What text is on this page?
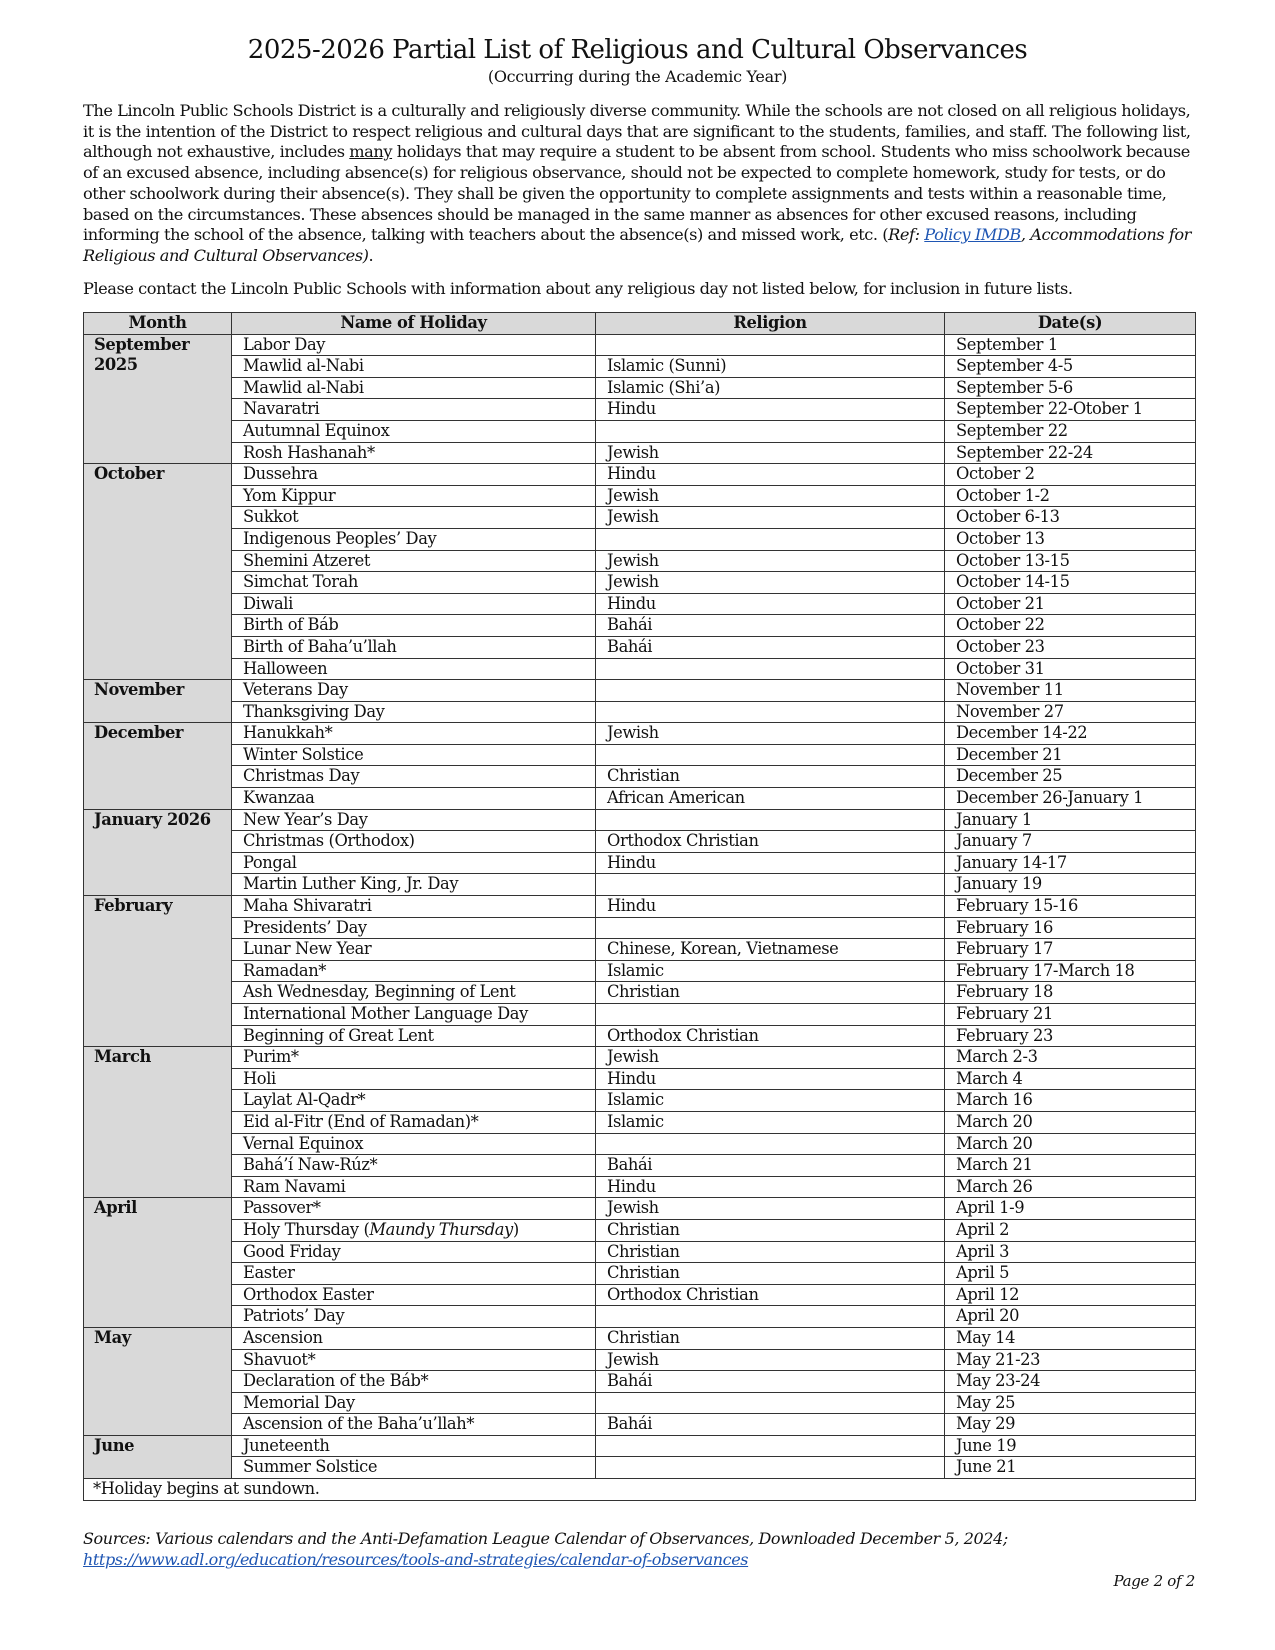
2025-2026 Partial List of Religious and Cultural Observances
(Occurring during the Academic Year)

The Lincoln Public Schools District is a culturally and religiously diverse community. While the schools are not closed on all religious holidays, it is the intention of the District to respect religious and cultural days that are significant to the students, families, and staff. The following list, although not exhaustive, includes many holidays that may require a student to be absent from school. Students who miss schoolwork because of an excused absence, including absence(s) for religious observance, should not be expected to complete homework, study for tests, or do other schoolwork during their absence(s). They shall be given the opportunity to complete assignments and tests within a reasonable time, based on the circumstances. These absences should be managed in the same manner as absences for other excused reasons, including informing the school of the absence, talking with teachers about the absence(s) and missed work, etc. (Ref: Policy IMDB, Accommodations for Religious and Cultural Observances).

Please contact the Lincoln Public Schools with information about any religious day not listed below, for inclusion in future lists.

Month	Name of Holiday	Religion	Date(s)
September 2025	Labor Day		September 1
	Mawlid al-Nabi	Islamic (Sunni)	September 4-5
	Mawlid al-Nabi	Islamic (Shi’a)	September 5-6
	Navaratri	Hindu	September 22-Otober 1
	Autumnal Equinox		September 22
	Rosh Hashanah*	Jewish	September 22-24
October	Dussehra	Hindu	October 2
	Yom Kippur	Jewish	October 1-2
	Sukkot	Jewish	October 6-13
	Indigenous Peoples’ Day		October 13
	Shemini Atzeret	Jewish	October 13-15
	Simchat Torah	Jewish	October 14-15
	Diwali	Hindu	October 21
	Birth of Báb	Bahái	October 22
	Birth of Baha’u’llah	Bahái	October 23
	Halloween		October 31
November	Veterans Day		November 11
	Thanksgiving Day		November 27
December	Hanukkah*	Jewish	December 14-22
	Winter Solstice		December 21
	Christmas Day	Christian	December 25
	Kwanzaa	African American	December 26-January 1
January 2026	New Year’s Day		January 1
	Christmas (Orthodox)	Orthodox Christian	January 7
	Pongal	Hindu	January 14-17
	Martin Luther King, Jr. Day		January 19
February	Maha Shivaratri	Hindu	February 15-16
	Presidents’ Day		February 16
	Lunar New Year	Chinese, Korean, Vietnamese	February 17
	Ramadan*	Islamic	February 17-March 18
	Ash Wednesday, Beginning of Lent	Christian	February 18
	International Mother Language Day		February 21
	Beginning of Great Lent	Orthodox Christian	February 23
March	Purim*	Jewish	March 2-3
	Holi	Hindu	March 4
	Laylat Al-Qadr*	Islamic	March 16
	Eid al-Fitr (End of Ramadan)*	Islamic	March 20
	Vernal Equinox		March 20
	Bahá’í Naw-Rúz*	Bahái	March 21
	Ram Navami	Hindu	March 26
April	Passover*	Jewish	April 1-9
	Holy Thursday (Maundy Thursday)	Christian	April 2
	Good Friday	Christian	April 3
	Easter	Christian	April 5
	Orthodox Easter	Orthodox Christian	April 12
	Patriots’ Day		April 20
May	Ascension	Christian	May 14
	Shavuot*	Jewish	May 21-23
	Declaration of the Báb*	Bahái	May 23-24
	Memorial Day		May 25
	Ascension of the Baha’u’llah*	Bahái	May 29
June	Juneteenth		June 19
	Summer Solstice		June 21
*Holiday begins at sundown.			
Sources: Various calendars and the Anti-Defamation League Calendar of Observances, Downloaded December 5, 2024;
https://www.adl.org/education/resources/tools-and-strategies/calendar-of-observances
Page 2 of 2
